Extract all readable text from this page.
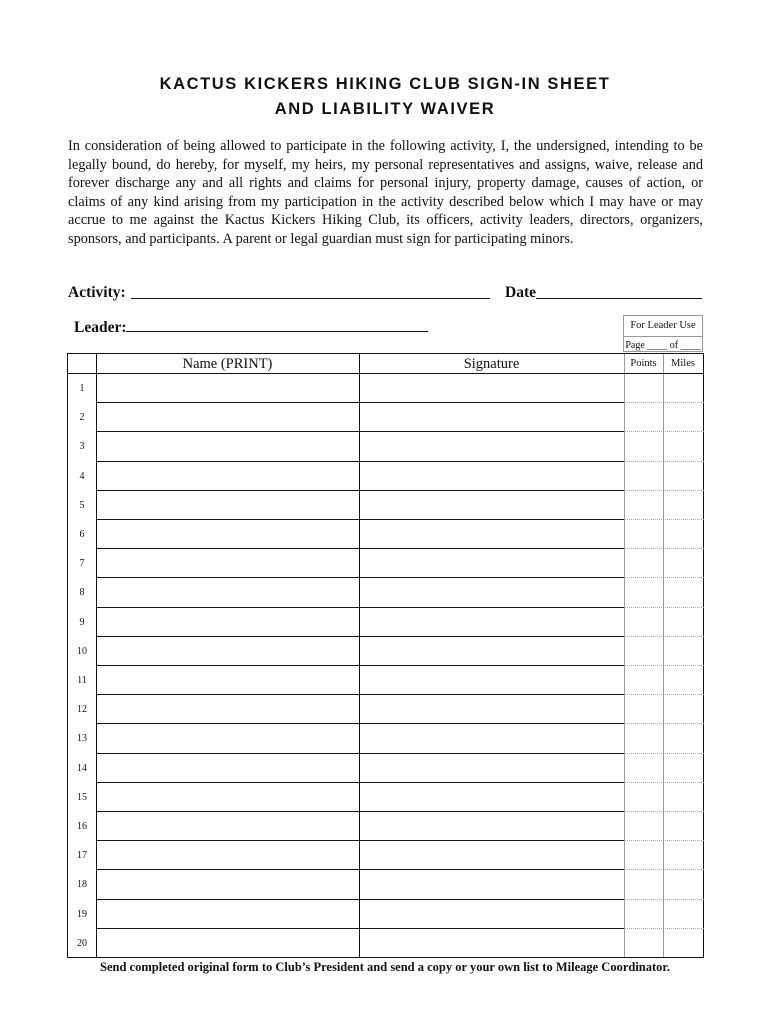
KACTUS KICKERS HIKING CLUB SIGN-IN SHEET
AND LIABILITY WAIVER

In consideration of being allowed to participate in the following activity, I, the undersigned, intending to be legally bound, do hereby, for myself, my heirs, my personal representatives and assigns, waive, release and forever discharge any and all rights and claims for personal injury, property damage, causes of action, or claims of any kind arising from my participation in the activity described below which I may have or may accrue to me against the Kactus Kickers Hiking Club, its officers, activity leaders, directors, organizers, sponsors, and participants. A parent or legal guardian must sign for participating minors.

Activity:	Date
Leader:	For Leader Use
Page ____ of ____
Name (PRINT)	Signature	Points	Miles
1
2
3
4
5
6
7
8
9
10
11
12
13
14
15
16
17
18
19
20
Send completed original form to Club’s President and send a copy or your own list to Mileage Coordinator.
